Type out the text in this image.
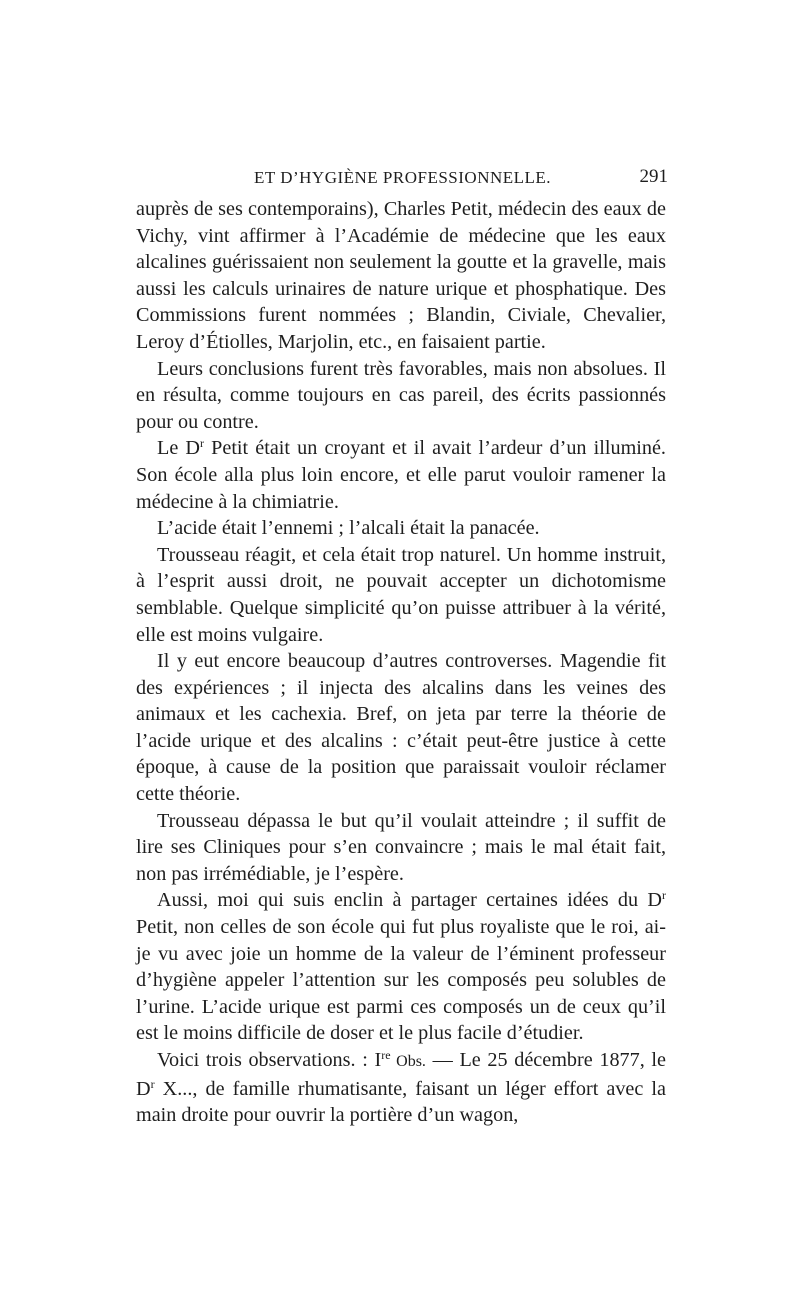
ET D’HYGIÈNE PROFESSIONNELLE.	291

auprès de ses contemporains), Charles Petit, médecin des eaux de Vichy, vint affirmer à l’Académie de médecine que les eaux alcalines guérissaient non seulement la goutte et la gravelle, mais aussi les calculs urinaires de nature urique et phosphatique. Des Commissions furent nommées ; Blandin, Civiale, Chevalier, Leroy d’Étiolles, Marjolin, etc., en faisaient partie.

Leurs conclusions furent très favorables, mais non absolues. Il en résulta, comme toujours en cas pareil, des écrits passionnés pour ou contre.

Le $D^r$ Petit était un croyant et il avait l’ardeur d’un illuminé. Son école alla plus loin encore, et elle parut vouloir ramener la médecine à la chimiatrie.

L’acide était l’ennemi ; l’alcali était la panacée.

Trousseau réagit, et cela était trop naturel. Un homme instruit, à l’esprit aussi droit, ne pouvait accepter un dichotomisme semblable. Quelque simplicité qu’on puisse attribuer à la vérité, elle est moins vulgaire.

Il y eut encore beaucoup d’autres controverses. Magendie fit des expériences ; il injecta des alcalins dans les veines des animaux et les cachexia. Bref, on jeta par terre la théorie de l’acide urique et des alcalins : c’était peut-être justice à cette époque, à cause de la position que paraissait vouloir réclamer cette théorie.

Trousseau dépassa le but qu’il voulait atteindre ; il suffit de lire ses Cliniques pour s’en convaincre ; mais le mal était fait, non pas irrémédiable, je l’espère.

Aussi, moi qui suis enclin à partager certaines idées du $D^r$ Petit, non celles de son école qui fut plus royaliste que le roi, ai-je vu avec joie un homme de la valeur de l’éminent professeur d’hygiène appeler l’attention sur les composés peu solubles de l’urine. L’acide urique est parmi ces composés un de ceux qu’il est le moins difficile de doser et le plus facile d’étudier.

Voici trois observations. : Ire Obs. — Le 25 décembre 1877, le $D^r$ X..., de famille rhumatisante, faisant un léger effort avec la main droite pour ouvrir la portière d’un wagon,
